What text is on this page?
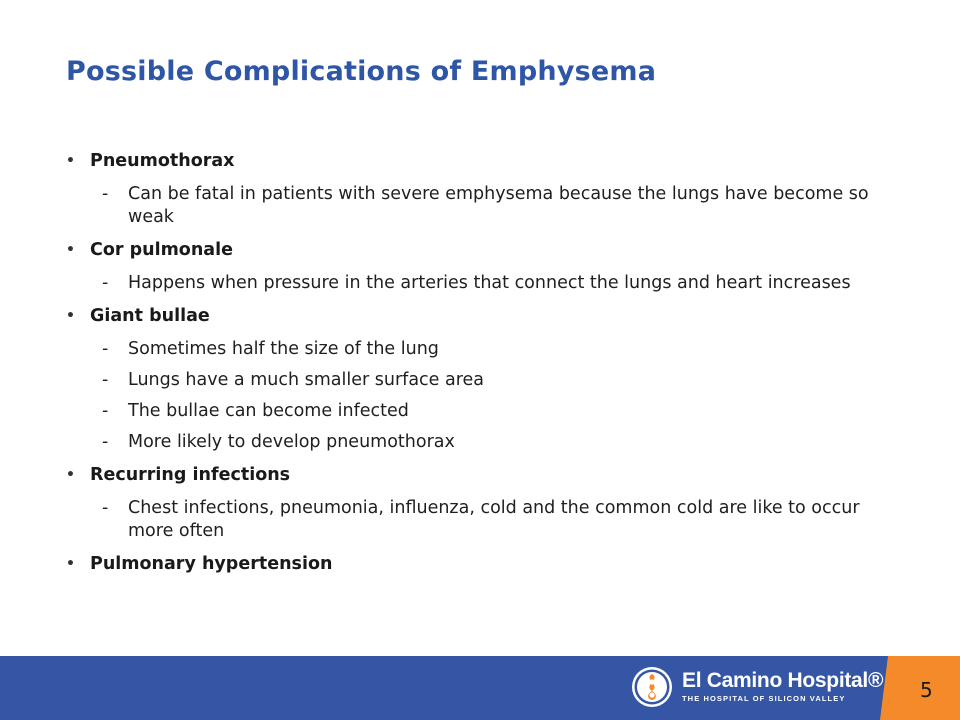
Possible Complications of Emphysema
• Pneumothorax
- Can be fatal in patients with severe emphysema because the lungs have become so weak
• Cor pulmonale
- Happens when pressure in the arteries that connect the lungs and heart increases
• Giant bullae
- Sometimes half the size of the lung
- Lungs have a much smaller surface area
- The bullae can become infected
- More likely to develop pneumothorax
• Recurring infections
- Chest infections, pneumonia, influenza, cold and the common cold are like to occur more often
• Pulmonary hypertension
El Camino Hospital®
THE HOSPITAL OF SILICON VALLEY	5
